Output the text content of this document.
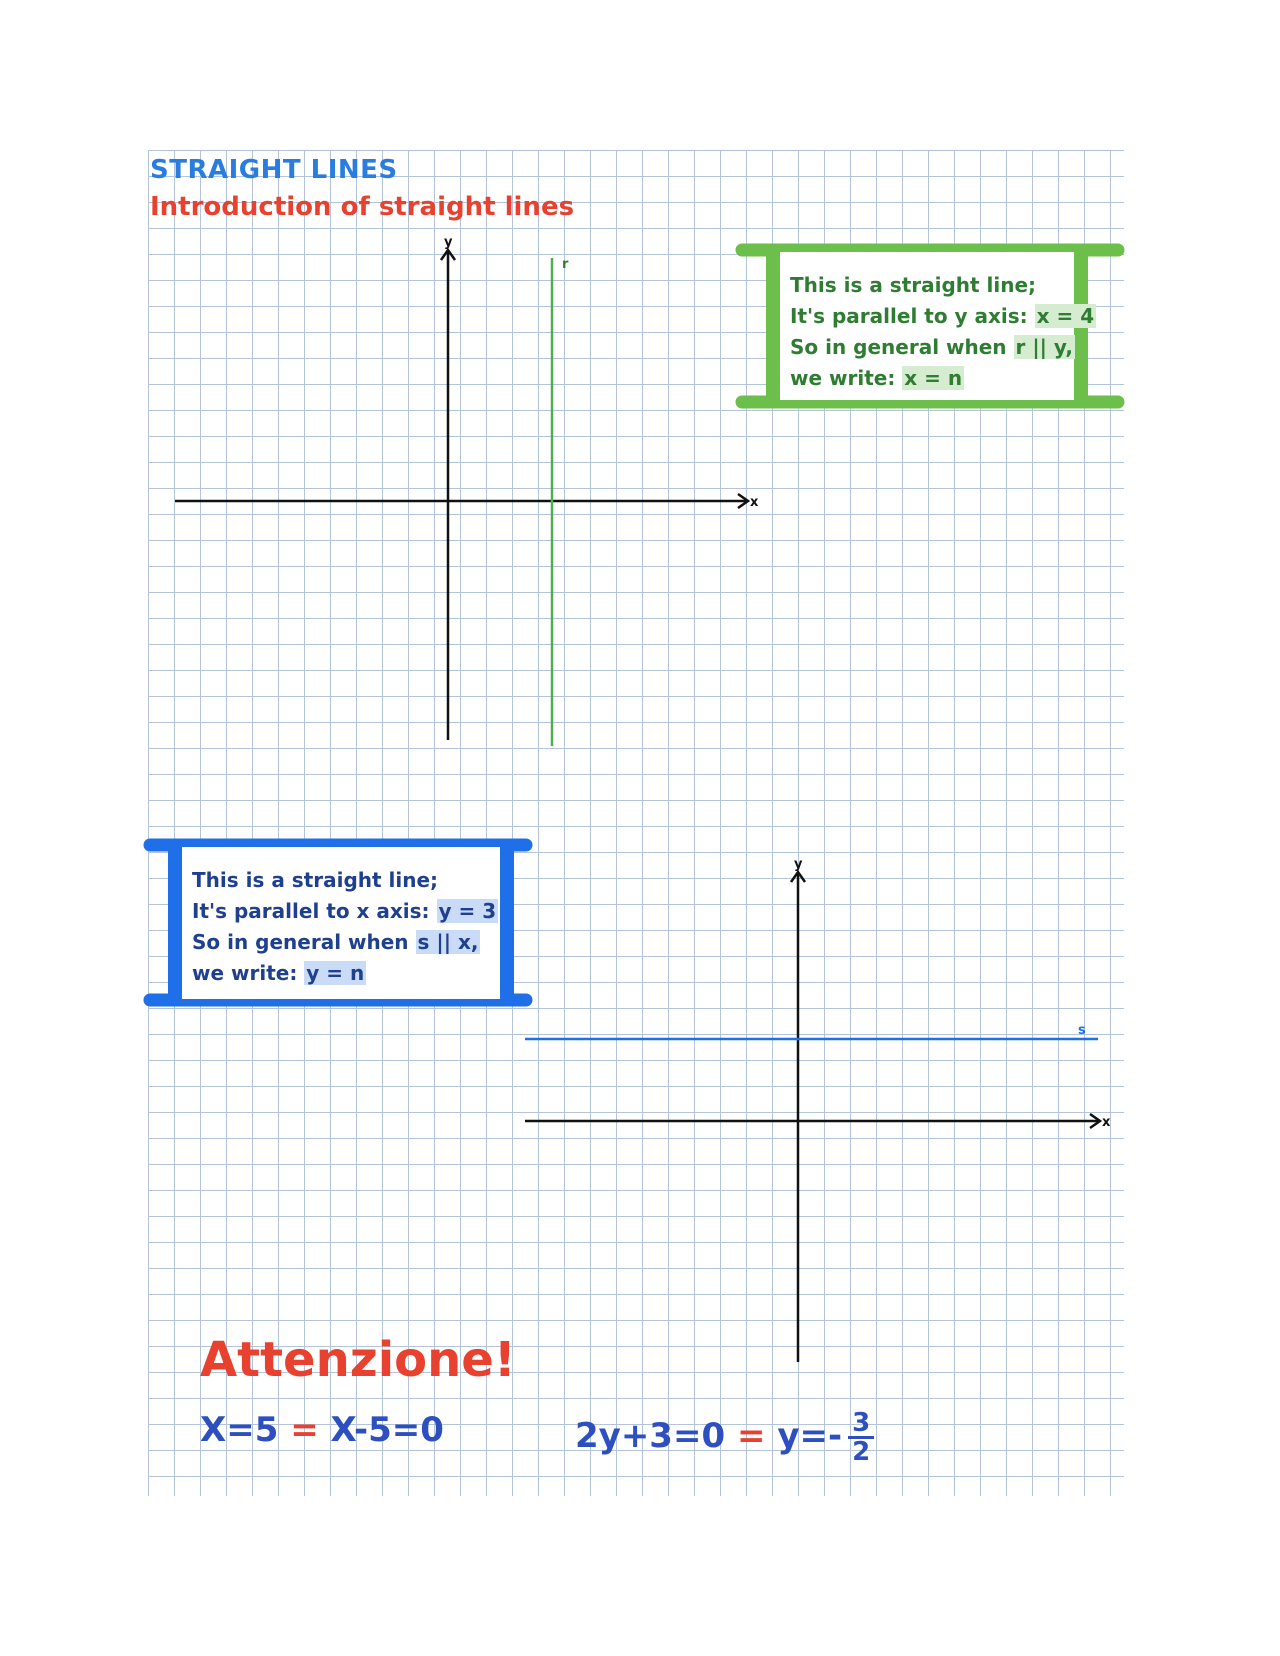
STRAIGHT LINES
Introduction of straight lines
y
x
r
y
x
s
This is a straight line;
It's parallel to y axis: x = 4
So in general when r || y,
we write: x = n
This is a straight line;
It's parallel to x axis: y = 3
So in general when s || x,
we write: y = n
Attenzione!
X=5 = X-5=0	$2y+3=0 = y=- \frac{3}{2}$
